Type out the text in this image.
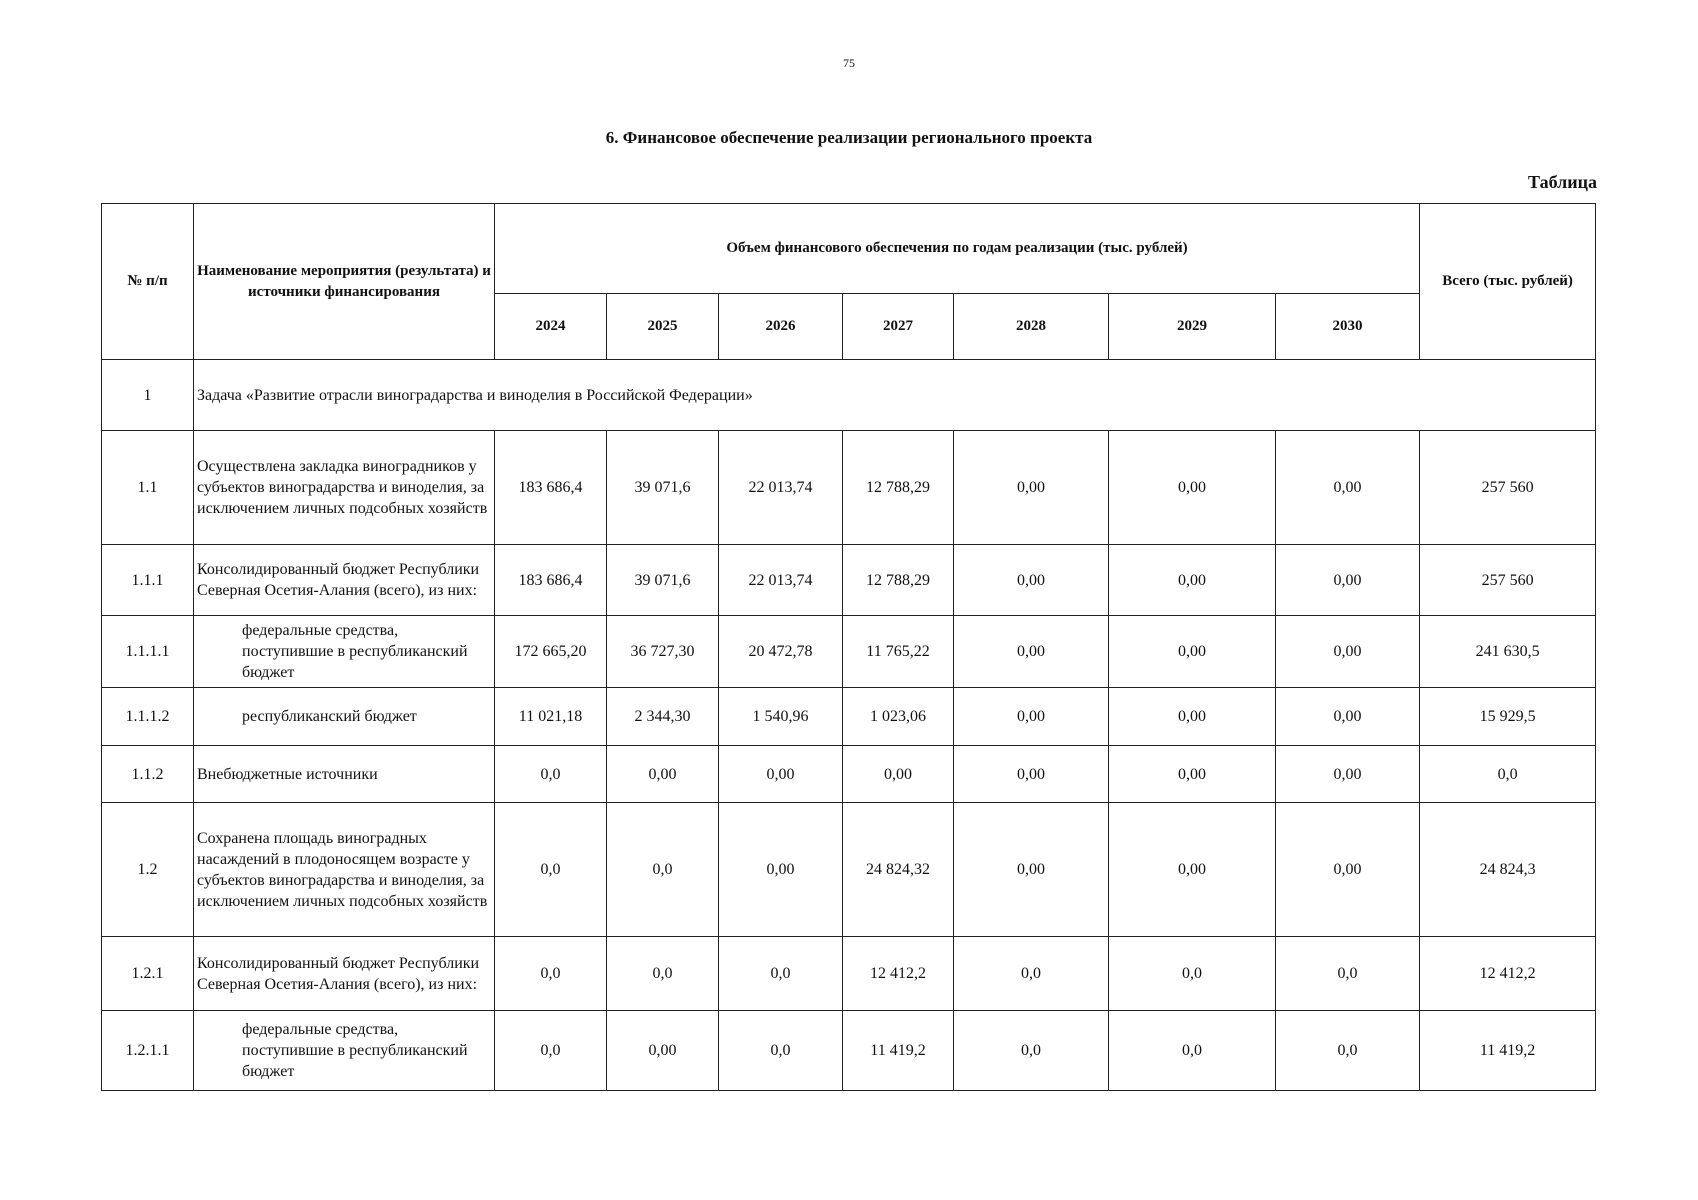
75
6. Финансовое обеспечение реализации регионального проекта
Таблица
№ п/п	Наименование мероприятия (результата) и источники финансирования	Объем финансового обеспечения по годам реализации (тыс. рублей)							Всего (тыс. рублей)
		2024	2025	2026	2027	2028	2029	2030	
1	Задача «Развитие отрасли виноградарства и виноделия в Российской Федерации»								
1.1	Осуществлена закладка виноградников у субъектов виноградарства и виноделия, за исключением личных подсобных хозяйств	183 686,4	39 071,6	22 013,74	12 788,29	0,00	0,00	0,00	257 560
1.1.1	Консолидированный бюджет Республики Северная Осетия-Алания (всего), из них:	183 686,4	39 071,6	22 013,74	12 788,29	0,00	0,00	0,00	257 560
1.1.1.1	федеральные средства, поступившие в республиканский бюджет	172 665,20	36 727,30	20 472,78	11 765,22	0,00	0,00	0,00	241 630,5
1.1.1.2	республиканский бюджет	11 021,18	2 344,30	1 540,96	1 023,06	0,00	0,00	0,00	15 929,5
1.1.2	Внебюджетные источники	0,0	0,00	0,00	0,00	0,00	0,00	0,00	0,0
1.2	Сохранена площадь виноградных насаждений в плодоносящем возрасте у субъектов виноградарства и виноделия, за исключением личных подсобных хозяйств	0,0	0,0	0,00	24 824,32	0,00	0,00	0,00	24 824,3
1.2.1	Консолидированный бюджет Республики Северная Осетия-Алания (всего), из них:	0,0	0,0	0,0	12 412,2	0,0	0,0	0,0	12 412,2
1.2.1.1	федеральные средства, поступившие в республиканский бюджет	0,0	0,00	0,0	11 419,2	0,0	0,0	0,0	11 419,2
